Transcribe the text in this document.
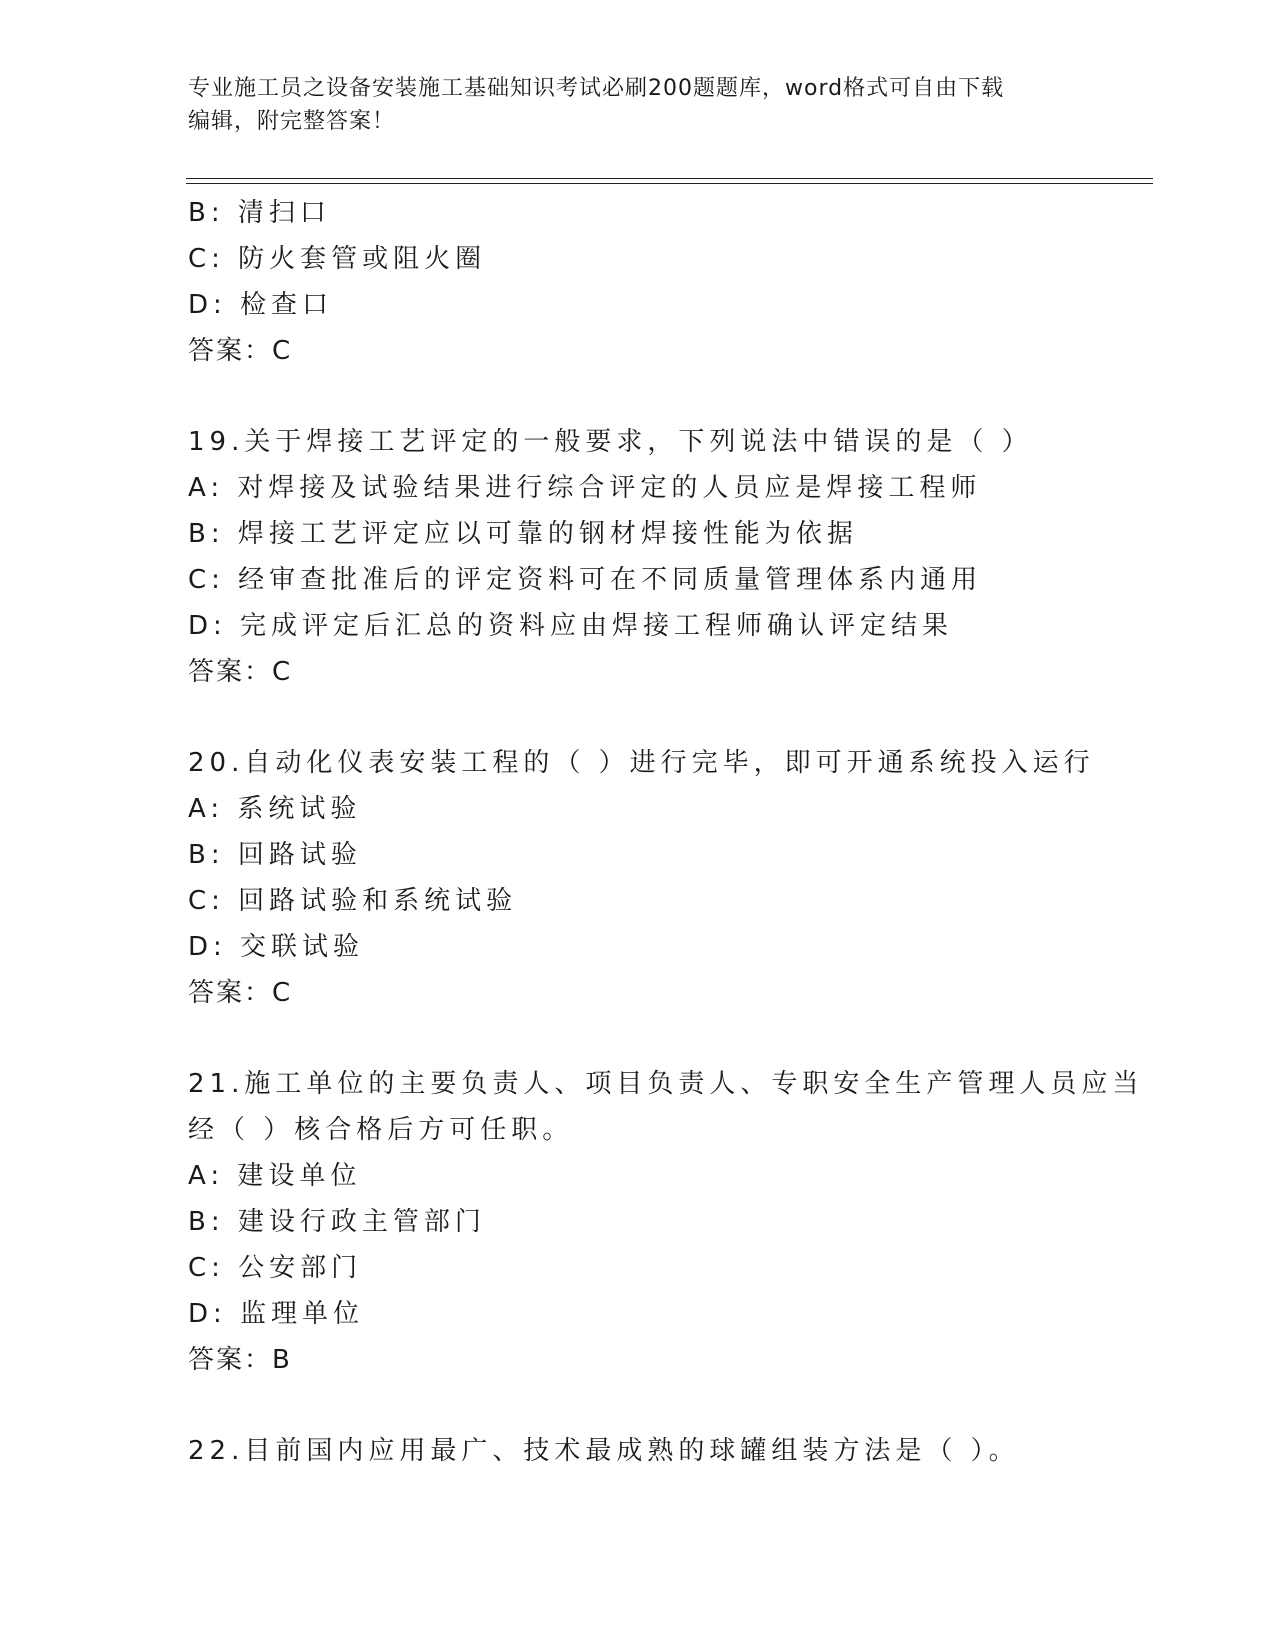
专业施工员之设备安装施工基础知识考试必刷200题题库，word格式可自由下载
编辑，附完整答案！
B: 清扫口
C: 防火套管或阻火圈
D: 检查口
答案：C
19.关于焊接工艺评定的一般要求，下列说法中错误的是（ ）
A: 对焊接及试验结果进行综合评定的人员应是焊接工程师
B: 焊接工艺评定应以可靠的钢材焊接性能为依据
C: 经审查批准后的评定资料可在不同质量管理体系内通用
D: 完成评定后汇总的资料应由焊接工程师确认评定结果
答案：C
20.自动化仪表安装工程的（ ）进行完毕，即可开通系统投入运行
A: 系统试验
B: 回路试验
C: 回路试验和系统试验
D: 交联试验
答案：C
21.施工单位的主要负责人、项目负责人、专职安全生产管理人员应当
经（ ）核合格后方可任职。
A: 建设单位
B: 建设行政主管部门
C: 公安部门
D: 监理单位
答案：B
22.目前国内应用最广、技术最成熟的球罐组装方法是（ ）。
